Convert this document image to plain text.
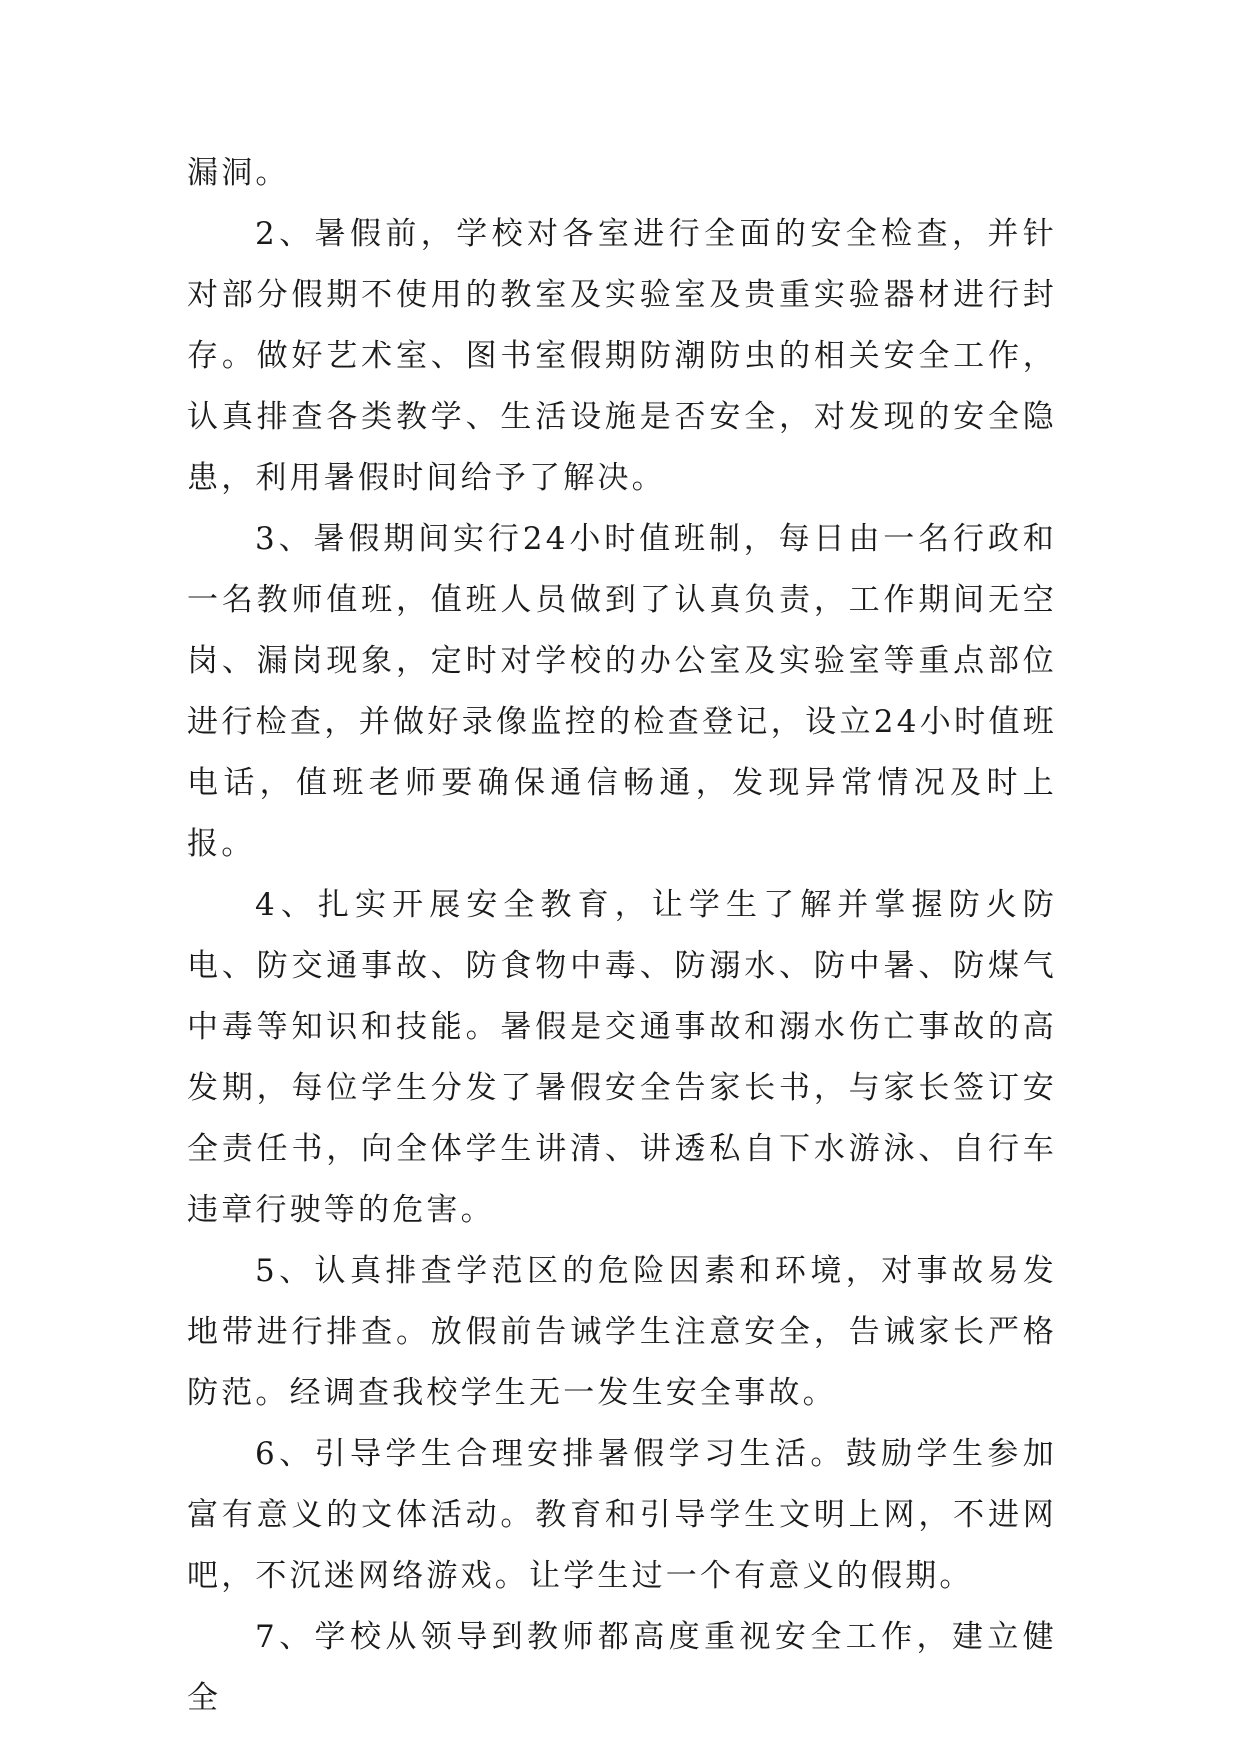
漏洞。

2、暑假前，学校对各室进行全面的安全检查，并针对部分假期不使用的教室及实验室及贵重实验器材进行封存。做好艺术室、图书室假期防潮防虫的相关安全工作，认真排查各类教学、生活设施是否安全，对发现的安全隐患，利用暑假时间给予了解决。

3、暑假期间实行24小时值班制，每日由一名行政和一名教师值班，值班人员做到了认真负责，工作期间无空岗、漏岗现象，定时对学校的办公室及实验室等重点部位进行检查，并做好录像监控的检查登记，设立24小时值班电话，值班老师要确保通信畅通，发现异常情况及时上报。

4、扎实开展安全教育，让学生了解并掌握防火防电、防交通事故、防食物中毒、防溺水、防中暑、防煤气中毒等知识和技能。暑假是交通事故和溺水伤亡事故的高发期，每位学生分发了暑假安全告家长书，与家长签订安全责任书，向全体学生讲清、讲透私自下水游泳、自行车违章行驶等的危害。

5、认真排查学范区的危险因素和环境，对事故易发地带进行排查。放假前告诫学生注意安全，告诫家长严格防范。经调查我校学生无一发生安全事故。

6、引导学生合理安排暑假学习生活。鼓励学生参加富有意义的文体活动。教育和引导学生文明上网，不进网吧，不沉迷网络游戏。让学生过一个有意义的假期。

7、学校从领导到教师都高度重视安全工作，建立健全
